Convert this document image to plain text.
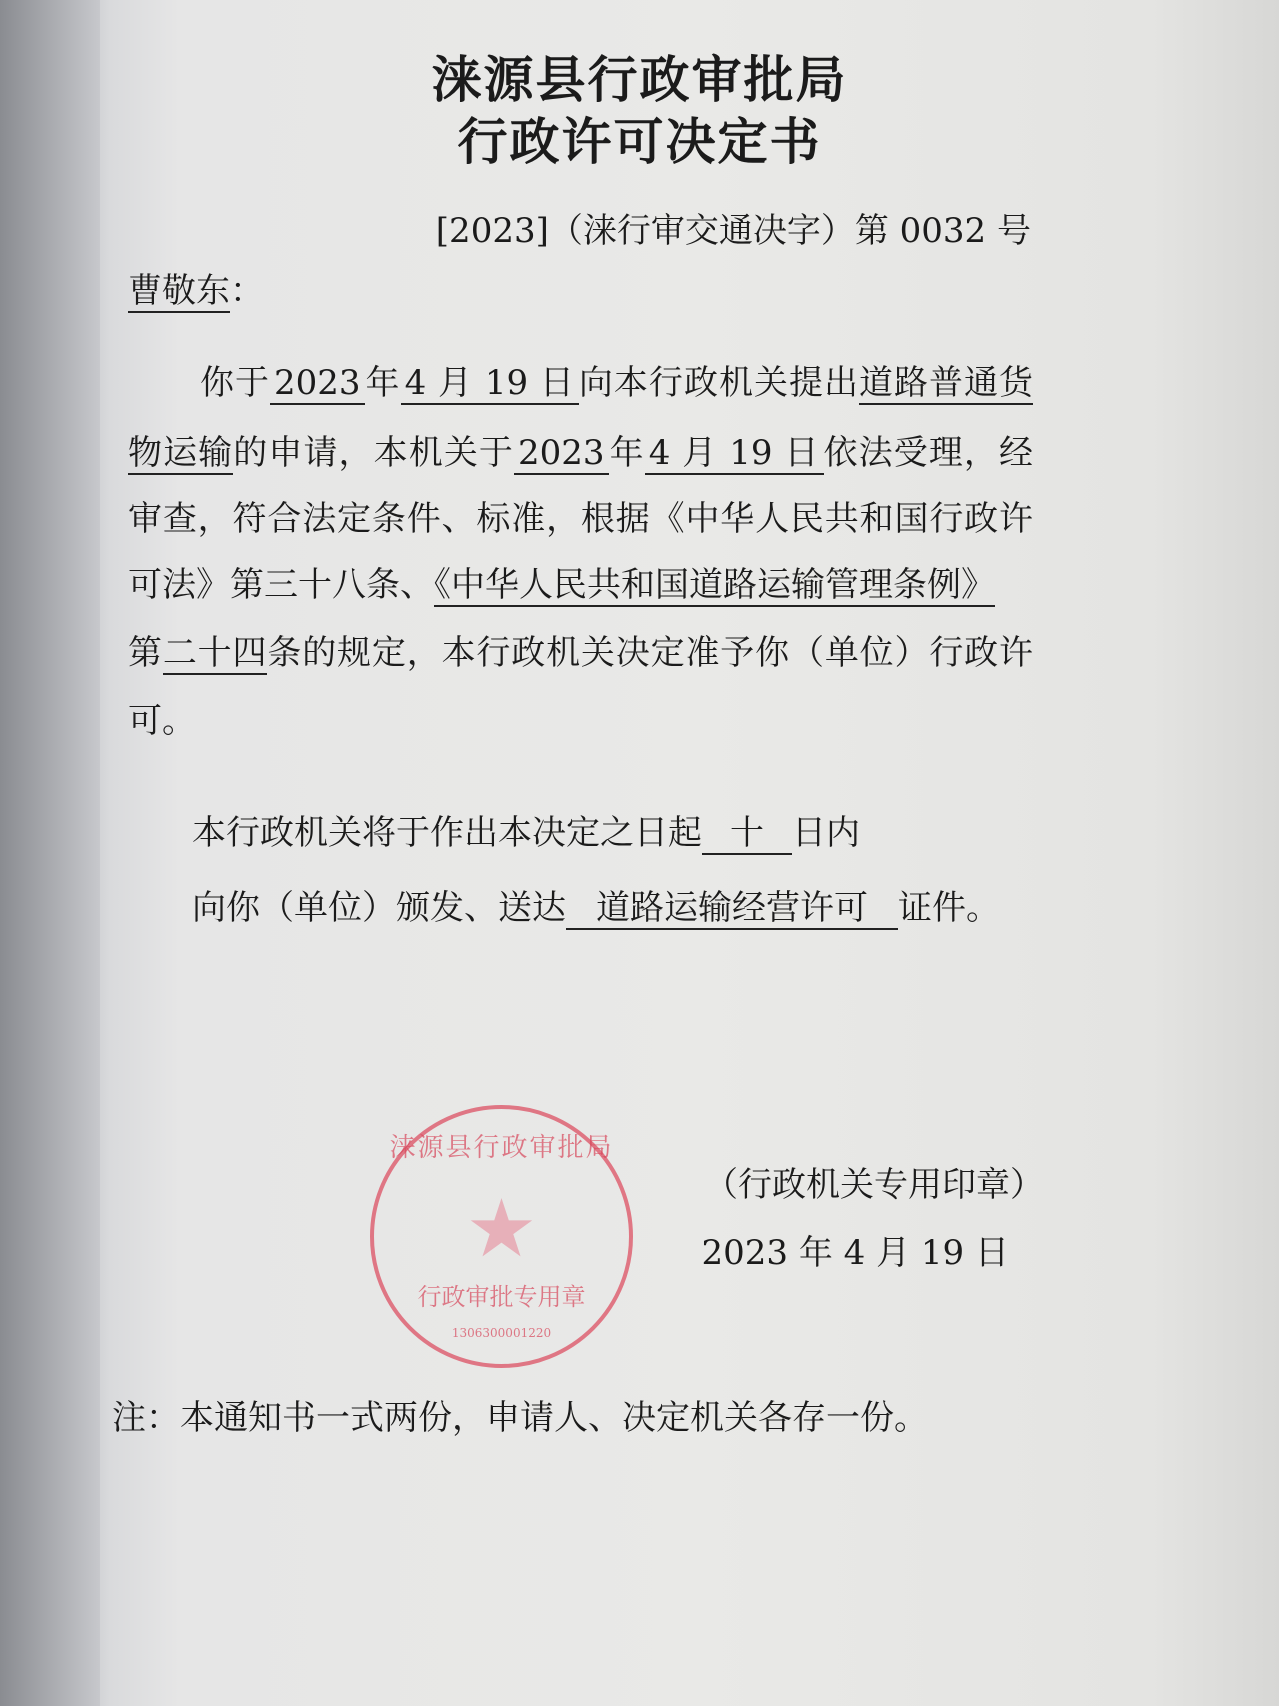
涞源县行政审批局
行政许可决定书
[2023]（涞行审交通决字）第 0032 号
曹敬东：
你于 2023 年 4 月 19 日 向本行政机关提出道路普通货
物运输的申请，本机关于 2023 年 4 月 19 日 依法受理，经
审查，符合法定条件、标准，根据《中华人民共和国行政许
可法》第三十八条、《中华人民共和国道路运输管理条例》
第二十四条的规定，本行政机关决定准予你（单位）行政许
可。
本行政机关将于作出本决定之日起 十 日内
向你（单位）颁发、送达 道路运输经营许可 证件。
涞源县行政审批局
★
行政审批专用章
1306300001220
（行政机关专用印章）
2023 年 4 月 19 日
注：本通知书一式两份，申请人、决定机关各存一份。
